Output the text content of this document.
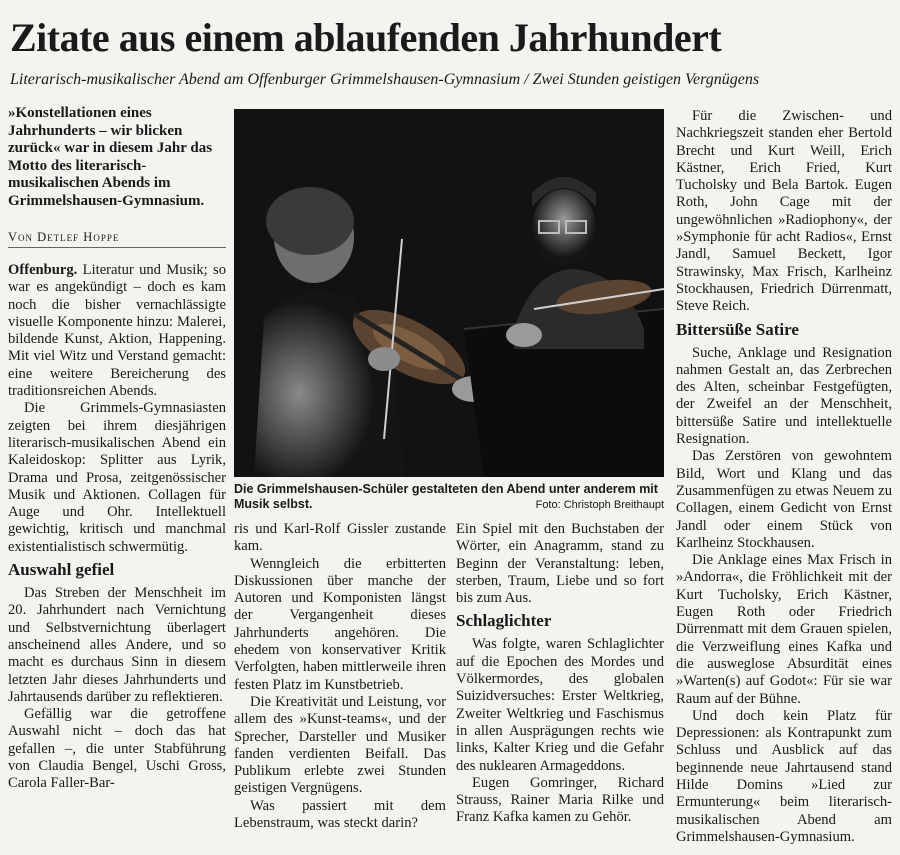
Zitate aus einem ablaufenden Jahrhundert

Literarisch-musikalischer Abend am Offenburger Grimmelshausen-Gymnasium / Zwei Stunden geistigen Vergnügens

»Konstellationen eines Jahrhunderts – wir blicken zurück« war in diesem Jahr das Motto des literarisch-musikalischen Abends im Grimmelshausen-Gymnasium.
Von Detlef Hoppe

Offenburg. Literatur und Musik; so war es angekündigt – doch es kam noch die bisher vernachlässigte visuelle Komponente hinzu: Malerei, bildende Kunst, Aktion, Happening. Mit viel Witz und Verstand gemacht: eine weitere Bereicherung des traditionsreichen Abends.

Die Grimmels-Gymnasiasten zeigten bei ihrem diesjährigen literarisch-musikalischen Abend ein Kaleidoskop: Splitter aus Lyrik, Drama und Prosa, zeitgenössischer Musik und Aktionen. Collagen für Auge und Ohr. Intellektuell gewichtig, kritisch und manchmal existentialistisch schwermütig.

Auswahl gefiel

Das Streben der Menschheit im 20. Jahrhundert nach Vernichtung und Selbstvernichtung überlagert anscheinend alles Andere, und so macht es durchaus Sinn in diesem letzten Jahr dieses Jahrhunderts und Jahrtausends darüber zu reflektieren.

Gefällig war die getroffene Auswahl nicht – doch das hat gefallen –, die unter Stabführung von Claudia Bengel, Uschi Gross, Carola Faller-Bar-

Die Grimmelshausen-Schüler gestalteten den Abend unter anderem mit Musik selbst.	Foto: Christoph Breithaupt

ris und Karl-Rolf Gissler zustande kam.

Wenngleich die erbitterten Diskussionen über manche der Autoren und Komponisten längst der Vergangenheit dieses Jahrhunderts angehören. Die ehedem von konservativer Kritik Verfolgten, haben mittlerweile ihren festen Platz im Kunstbetrieb.

Die Kreativität und Leistung, vor allem des »Kunst-teams«, und der Sprecher, Darsteller und Musiker fanden verdienten Beifall. Das Publikum erlebte zwei Stunden geistigen Vergnügens.

Was passiert mit dem Lebenstraum, was steckt darin?

Ein Spiel mit den Buchstaben der Wörter, ein Anagramm, stand zu Beginn der Veranstaltung: leben, sterben, Traum, Liebe und so fort bis zum Aus.

Schlaglichter

Was folgte, waren Schlaglichter auf die Epochen des Mordes und Völkermordes, des globalen Suizidversuches: Erster Weltkrieg, Zweiter Weltkrieg und Faschismus in allen Ausprägungen rechts wie links, Kalter Krieg und die Gefahr des nuklearen Armageddons.

Eugen Gomringer, Richard Strauss, Rainer Maria Rilke und Franz Kafka kamen zu Gehör.

Für die Zwischen- und Nachkriegszeit standen eher Bertold Brecht und Kurt Weill, Erich Kästner, Erich Fried, Kurt Tucholsky und Bela Bartok. Eugen Roth, John Cage mit der ungewöhnlichen »Radiophony«, der »Symphonie für acht Radios«, Ernst Jandl, Samuel Beckett, Igor Strawinsky, Max Frisch, Karlheinz Stockhausen, Friedrich Dürrenmatt, Steve Reich.

Bittersüße Satire

Suche, Anklage und Resignation nahmen Gestalt an, das Zerbrechen des Alten, scheinbar Festgefügten, der Zweifel an der Menschheit, bittersüße Satire und intellektuelle Resignation.

Das Zerstören von gewohntem Bild, Wort und Klang und das Zusammenfügen zu etwas Neuem zu Collagen, einem Gedicht von Ernst Jandl oder einem Stück von Karlheinz Stockhausen.

Die Anklage eines Max Frisch in »Andorra«, die Fröhlichkeit mit der Kurt Tucholsky, Erich Kästner, Eugen Roth oder Friedrich Dürrenmatt mit dem Grauen spielen, die Verzweiflung eines Kafka und die ausweglose Absurdität eines »Warten(s) auf Godot«: Für sie war Raum auf der Bühne.

Und doch kein Platz für Depressionen: als Kontrapunkt zum Schluss und Ausblick auf das beginnende neue Jahrtausend stand Hilde Domins »Lied zur Ermunterung« beim literarisch-musikalischen Abend am Grimmelshausen-Gymnasium.
